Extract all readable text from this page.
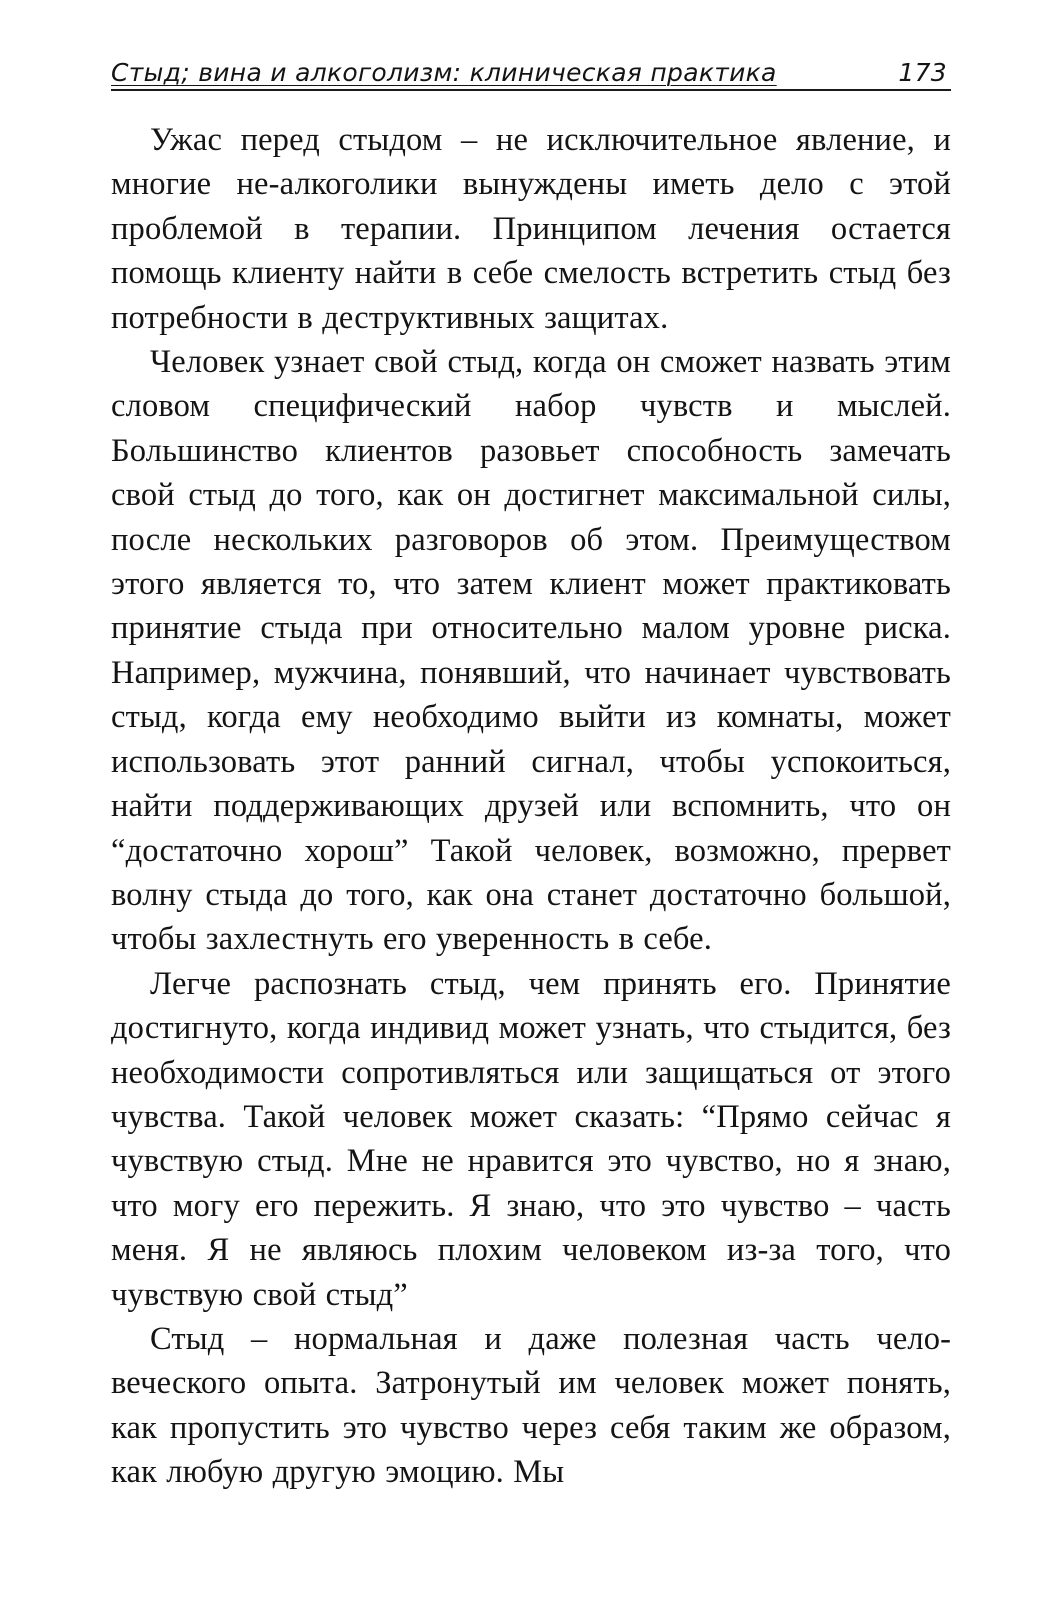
Стыд; вина и алкоголизм: клиническая практика	173

Ужас перед стыдом – не исключительное явление, и многие не-алкоголики вынуждены иметь дело с этой проблемой в терапии. Принципом лечения остается помощь клиенту найти в себе смелость встретить стыд без потребности в деструктивных защитах.

Человек узнает свой стыд, когда он сможет назвать этим словом специфический набор чувств и мыслей. Большинство клиентов разовьет способность замечать свой стыд до того, как он достигнет максимальной силы, после нескольких разговоров об этом. Преимуществом этого является то, что затем клиент может практиковать принятие стыда при относительно малом уровне риска. Например, мужчина, понявший, что начинает чувствовать стыд, когда ему необходимо выйти из комнаты, может использовать этот ранний сигнал, чтобы успокоиться, найти поддерживающих друзей или вспомнить, что он “достаточно хорош” Такой человек, возможно, прервет волну стыда до того, как она станет достаточно большой, чтобы захлестнуть его уверенность в себе.

Легче распознать стыд, чем принять его. Принятие достигнуто, когда индивид может узнать, что стыдится, без необходимости сопротивляться или защищаться от этого чувства. Такой человек может сказать: “Прямо сейчас я чувствую стыд. Мне не нравится это чувство, но я знаю, что могу его пережить. Я знаю, что это чувство – часть меня. Я не являюсь плохим человеком из-за того, что чувствую свой стыд”

Стыд – нормальная и даже полезная часть человеческого опыта. Затронутый им человек может понять, как пропустить это чувство через себя таким же образом, как любую другую эмоцию. Мы
